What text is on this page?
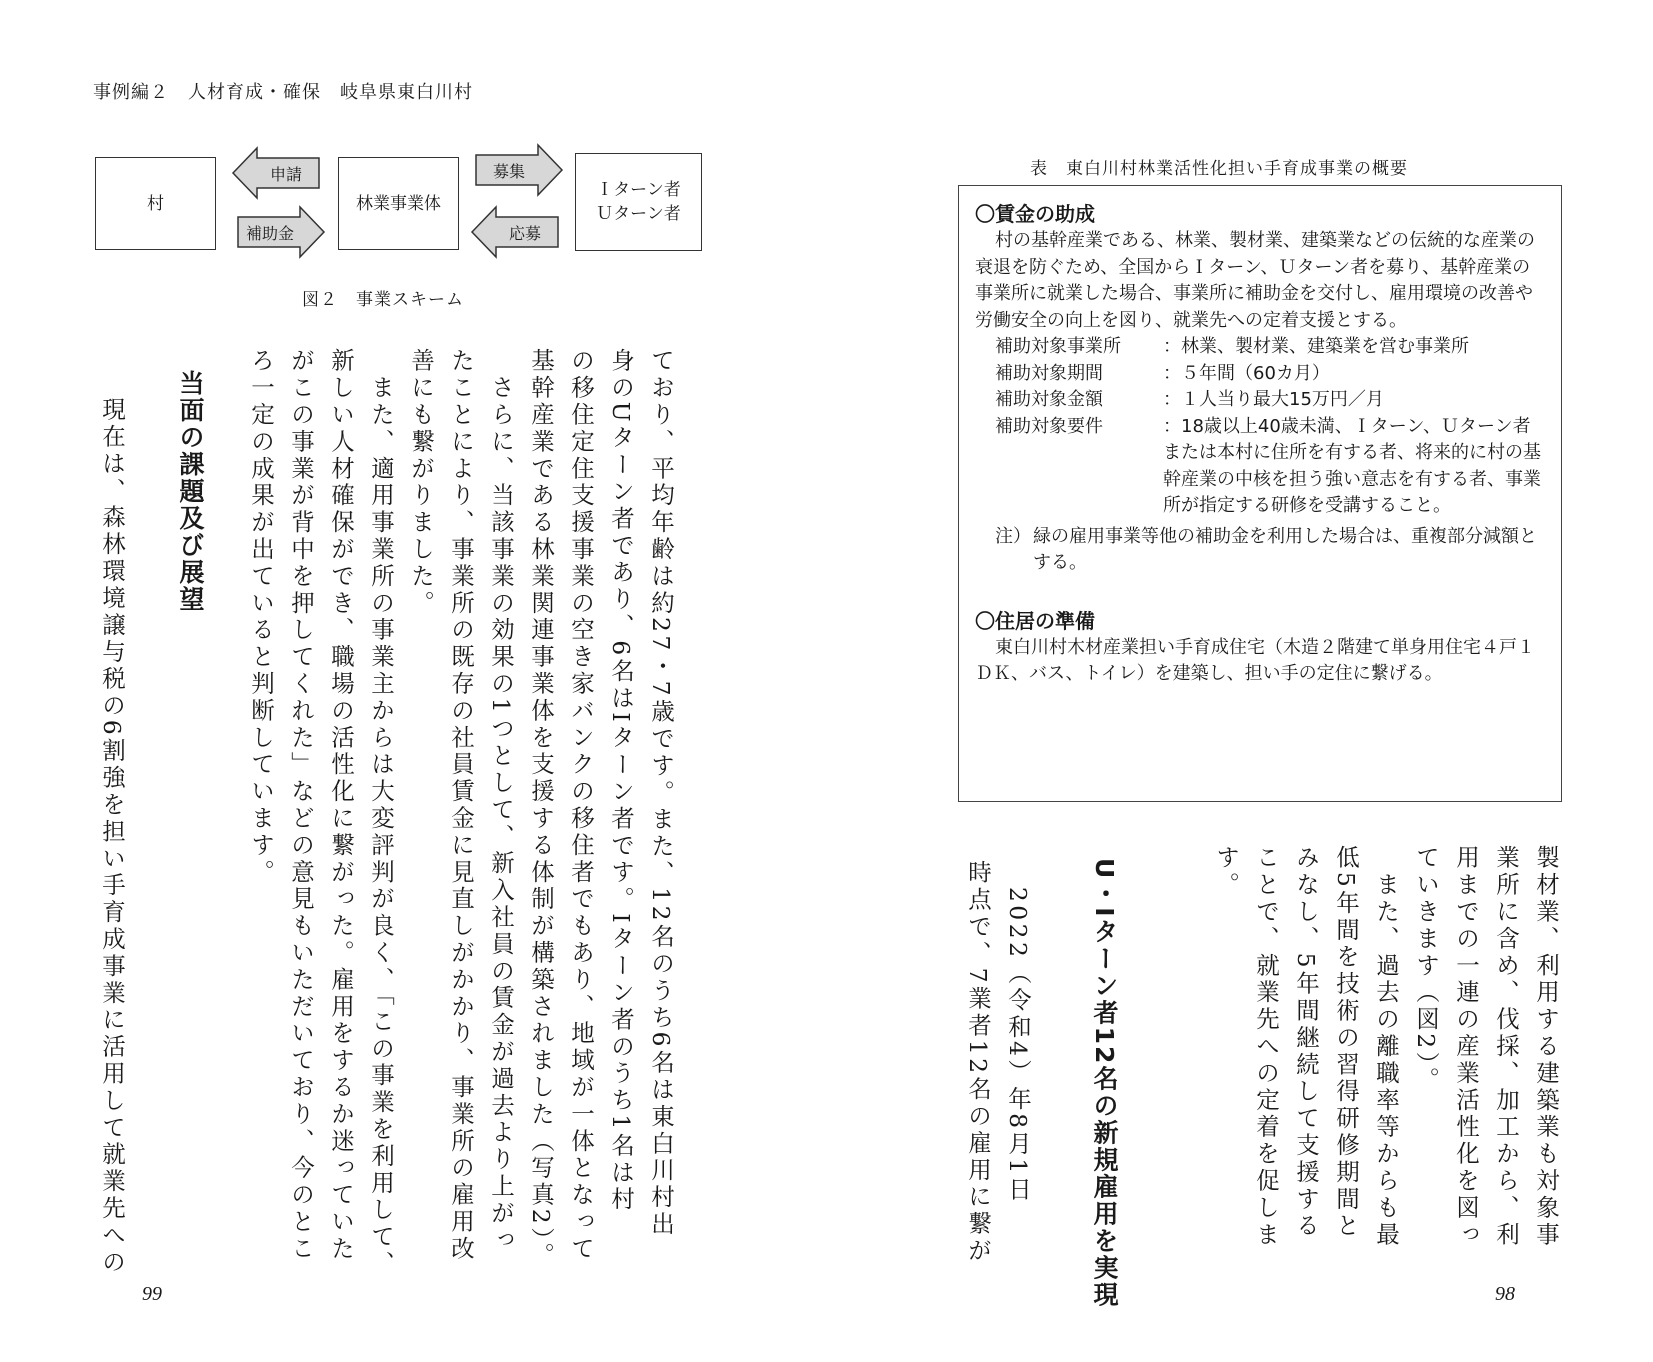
事例編２　人材育成・確保　岐阜県東白川村
村	林業事業体
Ｉターン者
Ｕターン者
申請
補助金
募集
応募
図２　事業スキーム

ており、平均年齢は約27・7歳です。また、12名のうち6名は東白川村出

身のUターン者であり、6名はIターン者です。Iターン者のうち1名は村

の移住定住支援事業の空き家バンクの移住者でもあり、地域が一体となって

基幹産業である林業関連事業体を支援する体制が構築されました（写真2）。

　さらに、当該事業の効果の1つとして、新入社員の賃金が過去より上がっ

たことにより、事業所の既存の社員賃金に見直しがかかり、事業所の雇用改

善にも繋がりました。

　また、適用事業所の事業主からは大変評判が良く、「この事業を利用して、

新しい人材確保ができ、職場の活性化に繋がった。雇用をするか迷っていた

がこの事業が背中を押してくれた」などの意見もいただいており、今のとこ

ろ一定の成果が出ていると判断しています。

当面の課題及び展望

　現在は、森林環境譲与税の6割強を担い手育成事業に活用して就業先への

99
表　東白川村林業活性化担い手育成事業の概要

〇賃金の助成

村の基幹産業である、林業、製材業、建築業などの伝統的な産業の衰退を防ぐため、全国からＩターン、Ｕターン者を募り、基幹産業の事業所に就業した場合、事業所に補助金を交付し、雇用環境の改善や労働安全の向上を図り、就業先への定着支援とする。

補助対象事業所	：林業、製材業、建築業を営む事業所
補助対象期間	：５年間（60カ月）
補助対象金額	：１人当り最大15万円／月
補助対象要件	：18歳以上40歳未満、Ｉターン、Ｕターン者または本村に住所を有する者、将来的に村の基幹産業の中核を担う強い意志を有する者、事業所が指定する研修を受講すること。
注） 緑の雇用事業等他の補助金を利用した場合は、重複部分減額とする。

〇住居の準備

東白川村木材産業担い手育成住宅（木造２階建て単身用住宅４戸１ＤＫ、バス、トイレ）を建築し、担い手の定住に繋げる。

製材業、利用する建築業も対象事

業所に含め、伐採、加工から、利

用までの一連の産業活性化を図っ

ていきます（図2）。

　また、過去の離職率等からも最

低5年間を技術の習得研修期間と

みなし、5年間継続して支援する

ことで、就業先への定着を促しま

す。

U・Iターン者12名の新規雇用を実現

　2022（令和4）年8月1日

時点で、7業者12名の雇用に繋が

98
